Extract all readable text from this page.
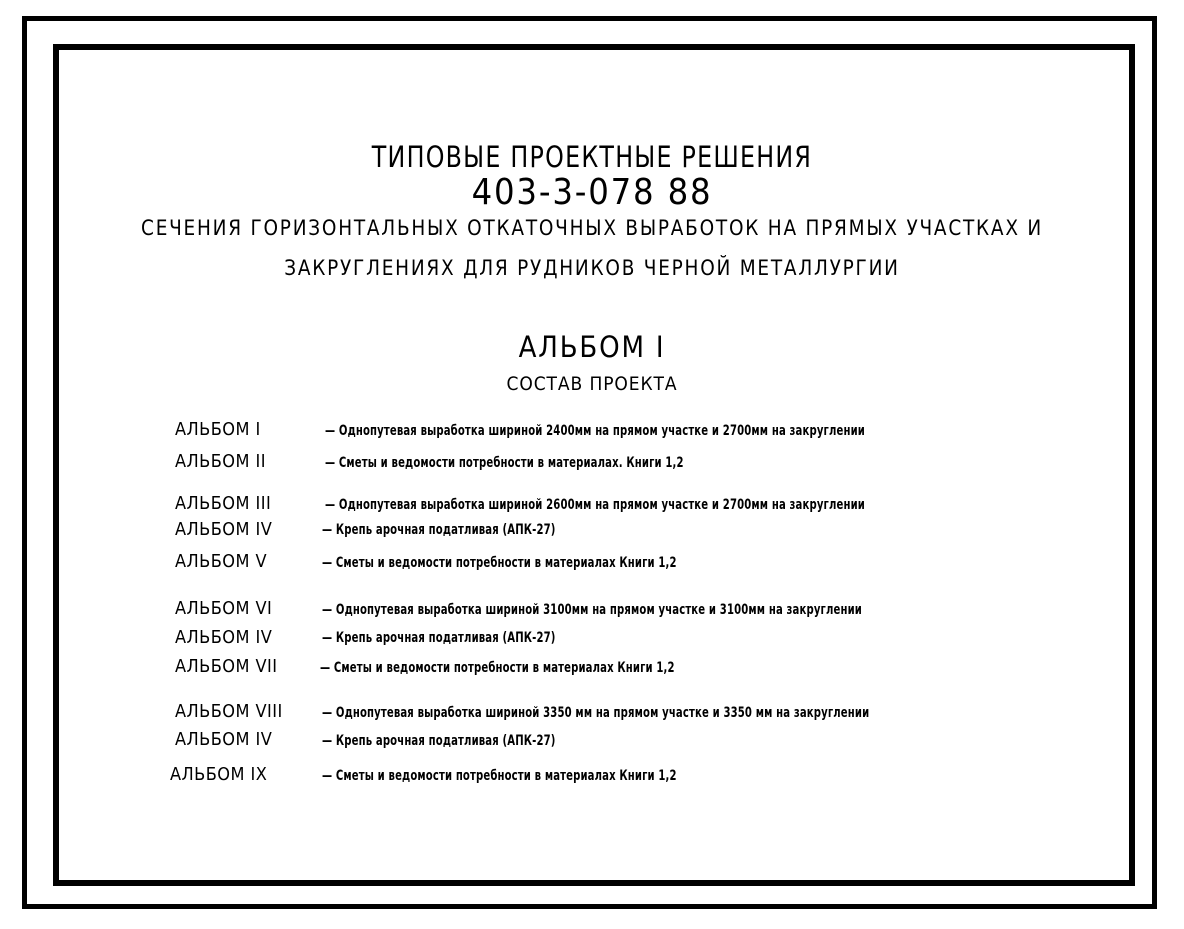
ТИПОВЫЕ ПРОЕКТНЫЕ РЕШЕНИЯ
403-3-078 88
СЕЧЕНИЯ ГОРИЗОНТАЛЬНЫХ ОТКАТОЧНЫХ ВЫРАБОТОК НА ПРЯМЫХ УЧАСТКАХ И
ЗАКРУГЛЕНИЯХ ДЛЯ РУДНИКОВ ЧЕРНОЙ МЕТАЛЛУРГИИ
АЛЬБОМ I
СОСТАВ ПРОЕКТА
АЛЬБОМ I	— Однопутевая выработка шириной 2400мм на прямом участке и 2700мм на закруглении
АЛЬБОМ II	— Сметы и ведомости потребности в материалах. Книги 1,2
АЛЬБОМ III	— Однопутевая выработка шириной 2600мм на прямом участке и 2700мм на закруглении
АЛЬБОМ IV	— Крепь арочная податливая (АПК-27)
АЛЬБОМ V	— Сметы и ведомости потребности в материалах Книги 1,2
АЛЬБОМ VI	— Однопутевая выработка шириной 3100мм на прямом участке и 3100мм на закруглении
АЛЬБОМ IV	— Крепь арочная податливая (АПК-27)
АЛЬБОМ VII	— Сметы и ведомости потребности в материалах Книги 1,2
АЛЬБОМ VIII	— Однопутевая выработка шириной 3350 мм на прямом участке и 3350 мм на закруглении
АЛЬБОМ IV	— Крепь арочная податливая (АПК-27)
АЛЬБОМ IX	— Сметы и ведомости потребности в материалах Книги 1,2
